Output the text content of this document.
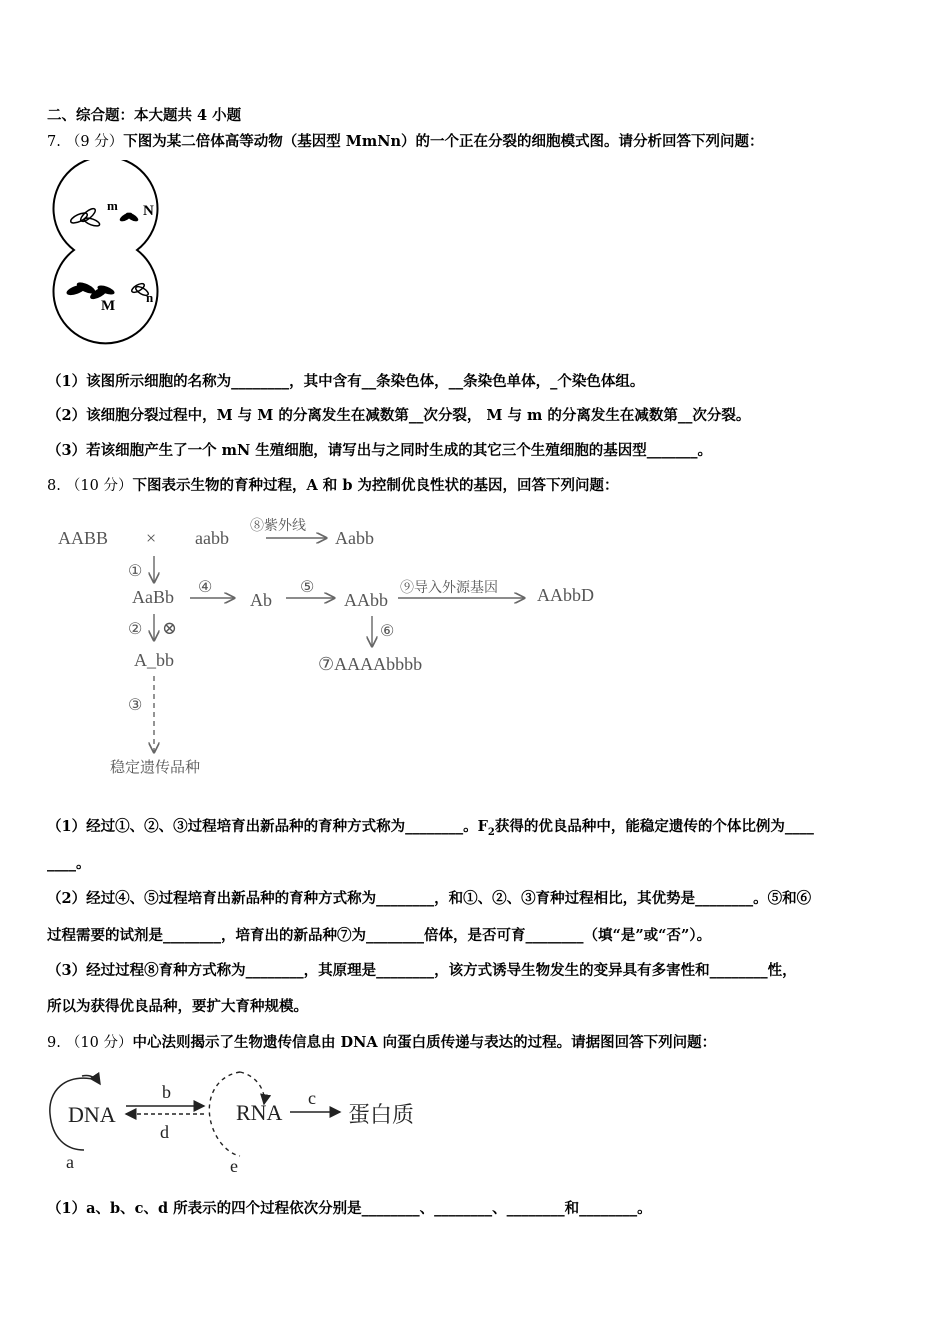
二、综合题：本大题共 4 小题
7. （9 分）下图为某二倍体高等动物（基因型 MmNn）的一个正在分裂的细胞模式图。请分析回答下列问题：
m N
M
n
（1）该图所示细胞的名称为________，其中含有__条染色体，__条染色单体，_个染色体组。
（2）该细胞分裂过程中，M 与 M 的分离发生在减数第__次分裂， M 与 m 的分离发生在减数第__次分裂。
（3）若该细胞产生了一个 mN 生殖细胞，请写出与之同时生成的其它三个生殖细胞的基因型_______。
8. （10 分）下图表示生物的育种过程，A 和 b 为控制优良性状的基因，回答下列问题：
AABB × aabb
⑧紫外线
Aabb
①
AaBb ④
Ab
⑤
AAbb
⑨导入外源基因 AAbbD
② ⊗	⑥
A_bb	⑦AAAAbbbb
③
稳定遗传品种
（1）经过①、②、③过程培育出新品种的育种方式称为________。$F_2$获得的优良品种中，能稳定遗传的个体比例为____
____。
（2）经过④、⑤过程培育出新品种的育种方式称为________，和①、②、③育种过程相比，其优势是________。⑤和⑥
过程需要的试剂是________，培育出的新品种⑦为________倍体，是否可育________（填“是”或“否”）。
（3）经过过程⑧育种方式称为________，其原理是________，该方式诱导生物发生的变异具有多害性和________性，
所以为获得优良品种，要扩大育种规模。
9. （10 分）中心法则揭示了生物遗传信息由 DNA 向蛋白质传递与表达的过程。请据图回答下列问题：
DNA
a
b
d
RNA
e
c
蛋白质
（1）a、b、c、d 所表示的四个过程依次分别是________、________、________和________。
